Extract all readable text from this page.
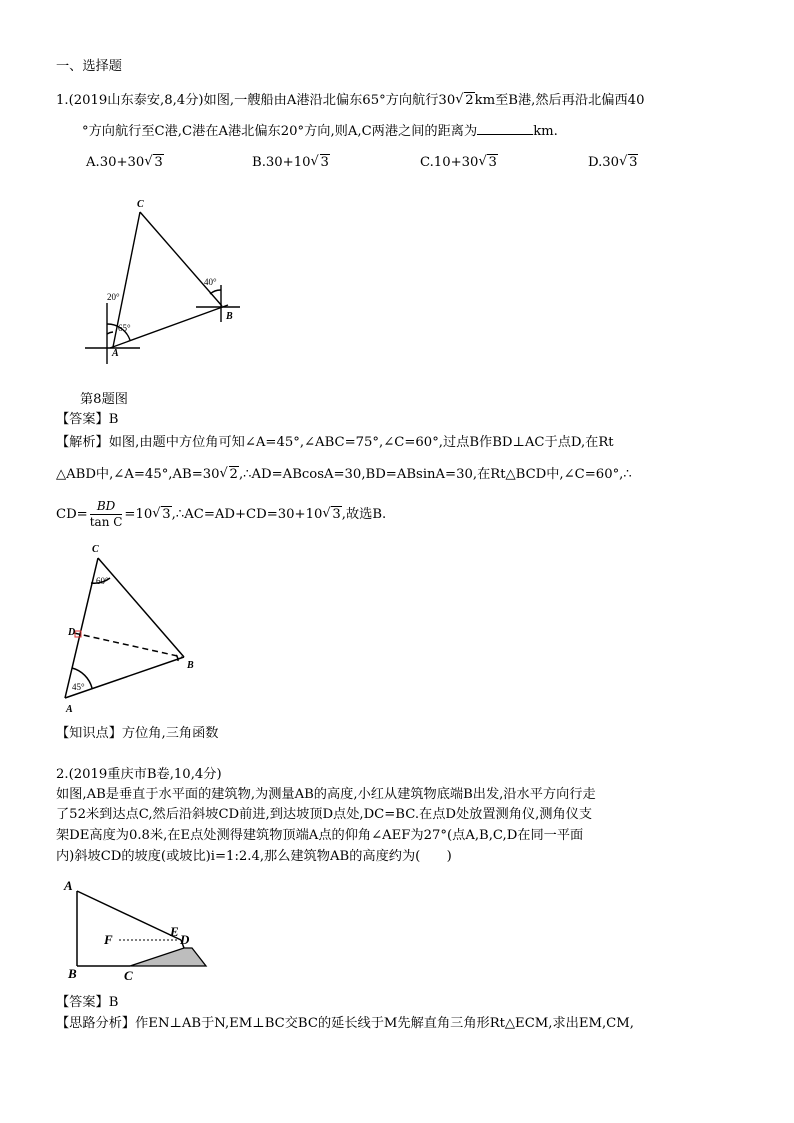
一、选择题
1.(2019山东泰安,8,4分)如图,一艘船由A港沿北偏东65°方向航行30√ 2km至B港,然后再沿北偏西40
°方向航行至C港,C港在A港北偏东20°方向,则A,C两港之间的距离为	km.
A.30+30√ 3	B.30+10√ 3	C.10+30√ 3	D.30√ 3
C
B
A
20°
65°
40°
第8题图
【答案】B
【解析】如图,由题中方位角可知∠A=45°,∠ABC=75°,∠C=60°,过点B作BD⊥AC于点D,在Rt
△ABD中,∠A=45°,AB=30√ 2,∴AD=ABcosA=30,BD=ABsinA=30,在Rt△BCD中,∠C=60°,∴
$CD= \frac{BD}{\text{tan C}} =10√$ 3,∴AC=AD+CD=30+10√ 3,故选B.
C
D
B
A
60°
45°
【知识点】方位角,三角函数
2.(2019重庆市B卷,10,4分)
如图,AB是垂直于水平面的建筑物,为测量AB的高度,小红从建筑物底端B出发,沿水平方向行走
了52米到达点C,然后沿斜坡CD前进,到达坡顶D点处,DC=BC.在点D处放置测角仪,测角仪支
架DE高度为0.8米,在E点处测得建筑物顶端A点的仰角∠AEF为27°(点A,B,C,D在同一平面
内)斜坡CD的坡度(或坡比)i=1:2.4,那么建筑物AB的高度约为(　　)
A
F
E
D
B	C
【答案】B
【思路分析】作EN⊥AB于N,EM⊥BC交BC的延长线于M先解直角三角形Rt△ECM,求出EM,CM,
